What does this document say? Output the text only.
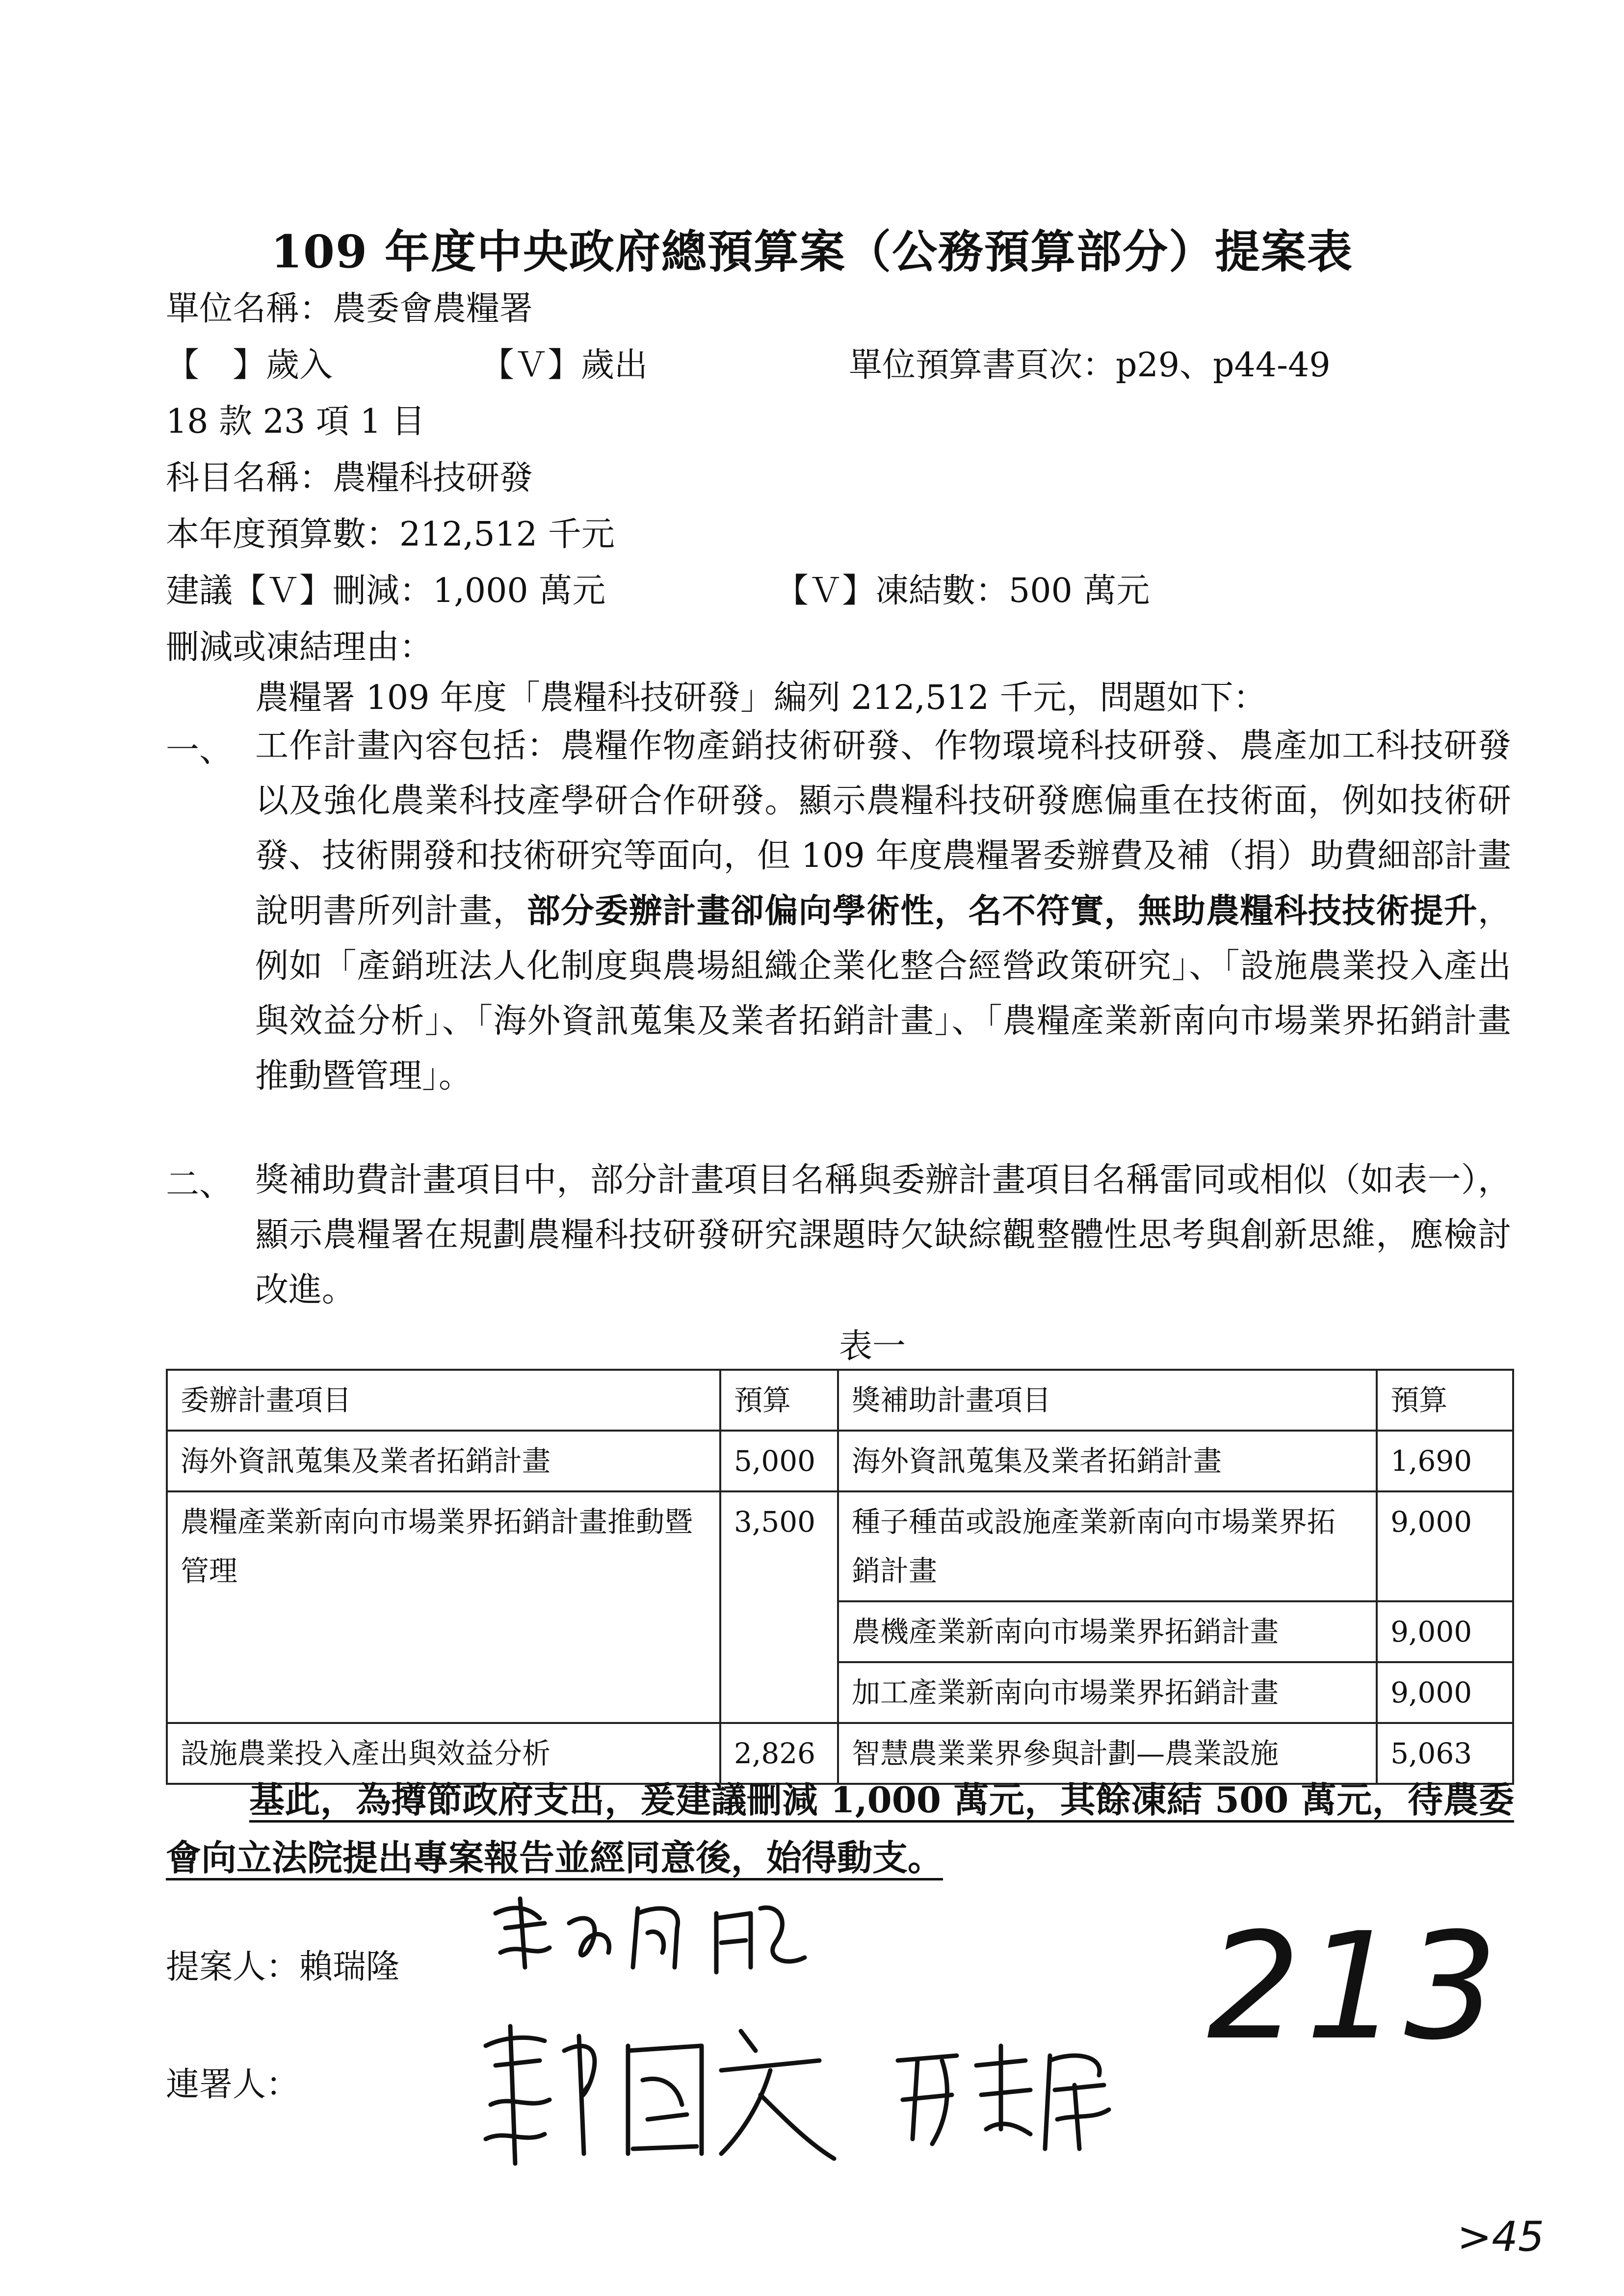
109 年度中央政府總預算案（公務預算部分）提案表
單位名稱：農委會農糧署
【　】歲入	【Ｖ】歲出	單位預算書頁次：p29、p44-49
18 款 23 項 1 目
科目名稱：農糧科技研發
本年度預算數：212,512 千元
建議【Ｖ】刪減：1,000 萬元	【Ｖ】凍結數：500 萬元
刪減或凍結理由：
農糧署 109 年度「農糧科技研發」編列 212,512 千元，問題如下：
一、 工作計畫內容包括：農糧作物產銷技術研發、作物環境科技研發、農產加工科技研發以及強化農業科技產學研合作研發。顯示農糧科技研發應偏重在技術面，例如技術研發、技術開發和技術研究等面向，但 109 年度農糧署委辦費及補（捐）助費細部計畫說明書所列計畫，部分委辦計畫卻偏向學術性，名不符實，無助農糧科技技術提升，例如「產銷班法人化制度與農場組織企業化整合經營政策研究」、「設施農業投入產出與效益分析」、「海外資訊蒐集及業者拓銷計畫」、「農糧產業新南向市場業界拓銷計畫推動暨管理」。
二、 獎補助費計畫項目中，部分計畫項目名稱與委辦計畫項目名稱雷同或相似（如表一），顯示農糧署在規劃農糧科技研發研究課題時欠缺綜觀整體性思考與創新思維，應檢討改進。
表一
委辦計畫項目	預算	獎補助計畫項目	預算
海外資訊蒐集及業者拓銷計畫	5,000	海外資訊蒐集及業者拓銷計畫	1,690
農糧產業新南向市場業界拓銷計畫推動暨管理	3,500	種子種苗或設施產業新南向市場業界拓銷計畫	9,000
		農機產業新南向市場業界拓銷計畫	9,000
		加工產業新南向市場業界拓銷計畫	9,000
設施農業投入產出與效益分析	2,826	智慧農業業界參與計劃—農業設施	5,063
基此，為撙節政府支出，爰建議刪減 1,000 萬元，其餘凍結 500 萬元，待農委會向立法院提出專案報告並經同意後，始得動支。
提案人：賴瑞隆
連署人：
213
>45
